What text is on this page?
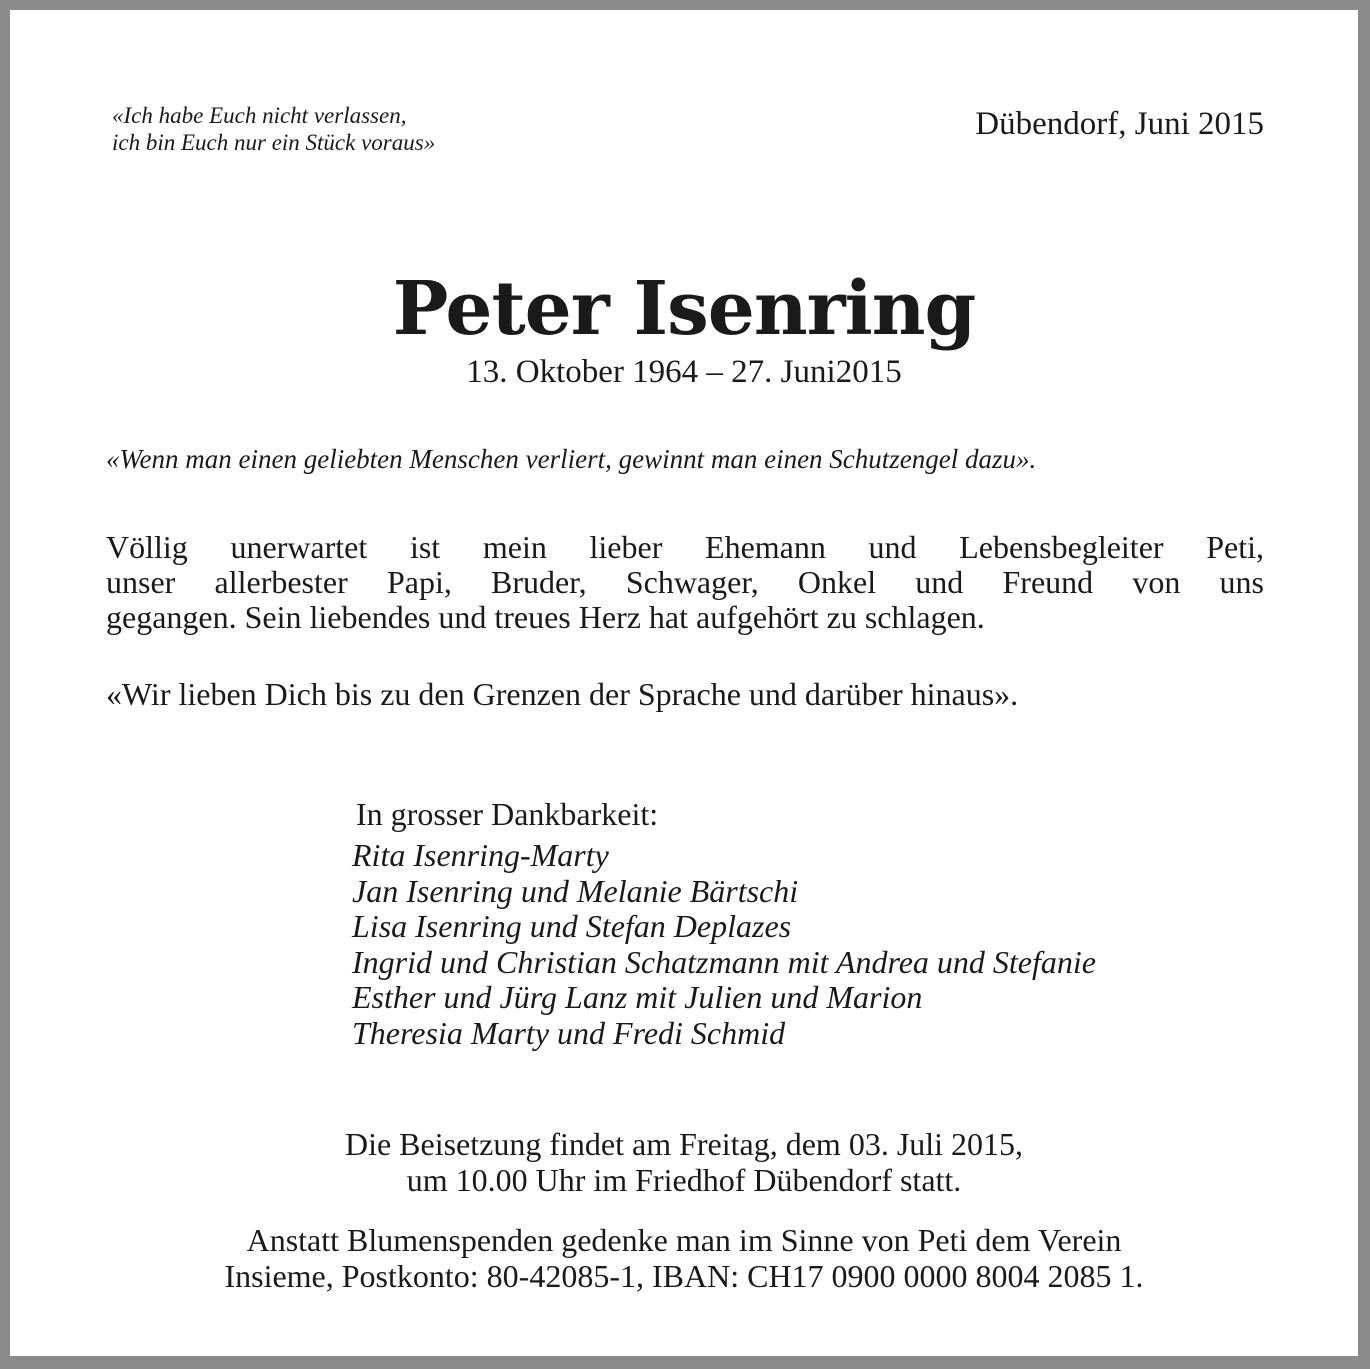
«Ich habe Euch nicht verlassen,
ich bin Euch nur ein Stück voraus»
Dübendorf, Juni 2015
Peter Isenring
13. Oktober 1964 – 27. Juni2015
«Wenn man einen geliebten Menschen verliert, gewinnt man einen Schutzengel dazu».
Völlig unerwartet ist mein lieber Ehemann und Lebensbegleiter Peti,
unser allerbester Papi, Bruder, Schwager, Onkel und Freund von uns
gegangen. Sein liebendes und treues Herz hat aufgehört zu schlagen.
«Wir lieben Dich bis zu den Grenzen der Sprache und darüber hinaus».
In grosser Dankbarkeit:
Rita Isenring-Marty
Jan Isenring und Melanie Bärtschi
Lisa Isenring und Stefan Deplazes
Ingrid und Christian Schatzmann mit Andrea und Stefanie
Esther und Jürg Lanz mit Julien und Marion
Theresia Marty und Fredi Schmid
Die Beisetzung findet am Freitag, dem 03. Juli 2015,
um 10.00 Uhr im Friedhof Dübendorf statt.
Anstatt Blumenspenden gedenke man im Sinne von Peti dem Verein
Insieme, Postkonto: 80-42085-1, IBAN: CH17 0900 0000 8004 2085 1.
